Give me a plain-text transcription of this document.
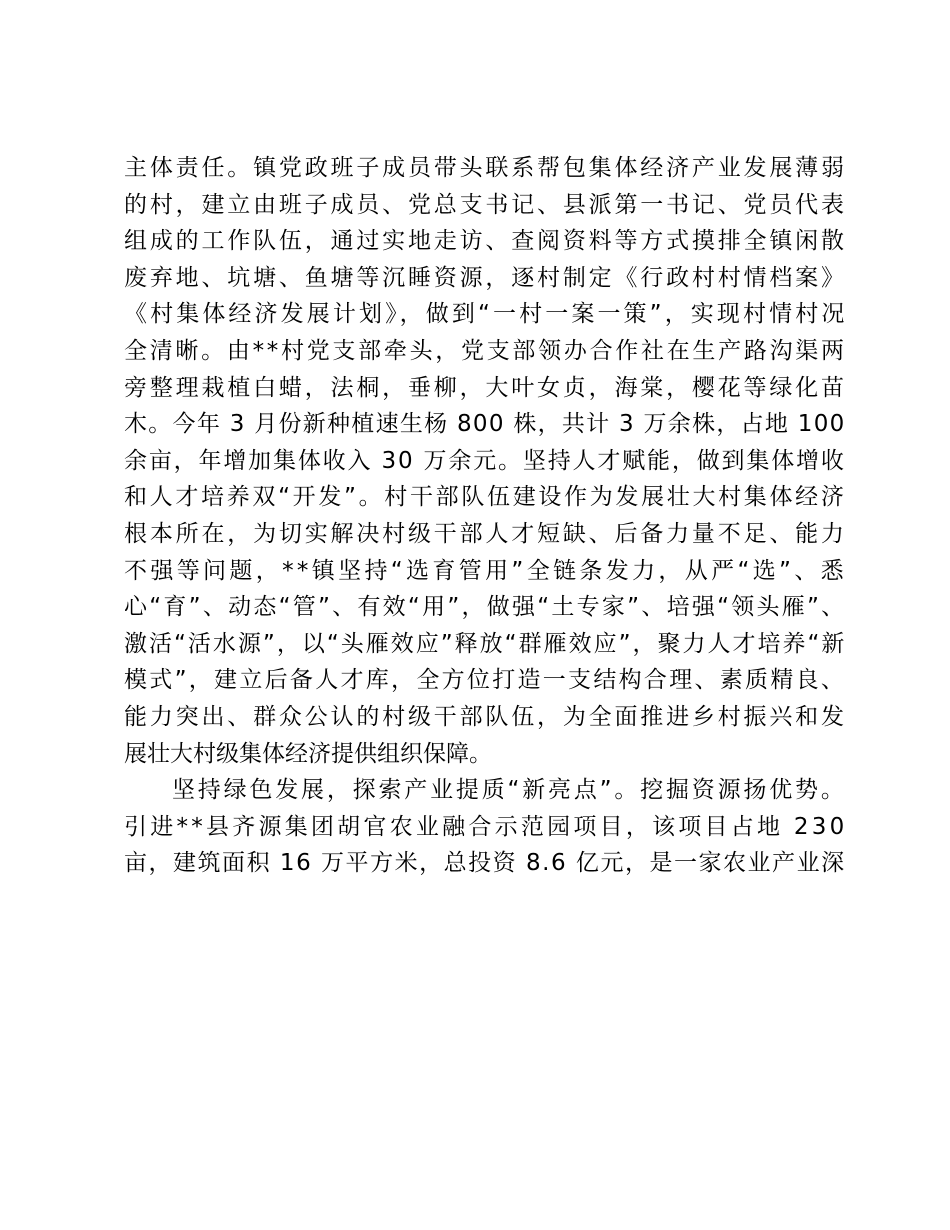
主体责任。镇党政班子成员带头联系帮包集体经济产业发展薄弱
的村，建立由班子成员、党总支书记、县派第一书记、党员代表
组成的工作队伍，通过实地走访、查阅资料等方式摸排全镇闲散
废弃地、坑塘、鱼塘等沉睡资源，逐村制定《行政村村情档案》
《村集体经济发展计划》，做到“一村一案一策”，实现村情村况
全清晰。由**村党支部牵头，党支部领办合作社在生产路沟渠两
旁整理栽植白蜡，法桐，垂柳，大叶女贞，海棠，樱花等绿化苗
木。今年 3 月份新种植速生杨 800 株，共计 3 万余株，占地 100
余亩，年增加集体收入 30 万余元。坚持人才赋能，做到集体增收
和人才培养双“开发”。村干部队伍建设作为发展壮大村集体经济
根本所在，为切实解决村级干部人才短缺、后备力量不足、能力
不强等问题，**镇坚持“选育管用”全链条发力，从严“选”、悉
心“育”、动态“管”、有效“用”，做强“土专家”、培强“领头雁”、
激活“活水源”，以“头雁效应”释放“群雁效应”，聚力人才培养“新
模式”，建立后备人才库，全方位打造一支结构合理、素质精良、
能力突出、群众公认的村级干部队伍，为全面推进乡村振兴和发
展壮大村级集体经济提供组织保障。
坚持绿色发展，探索产业提质“新亮点”。挖掘资源扬优势。
引进**县齐源集团胡官农业融合示范园项目，该项目占地 230
亩，建筑面积 16 万平方米，总投资 8.6 亿元，是一家农业产业深
